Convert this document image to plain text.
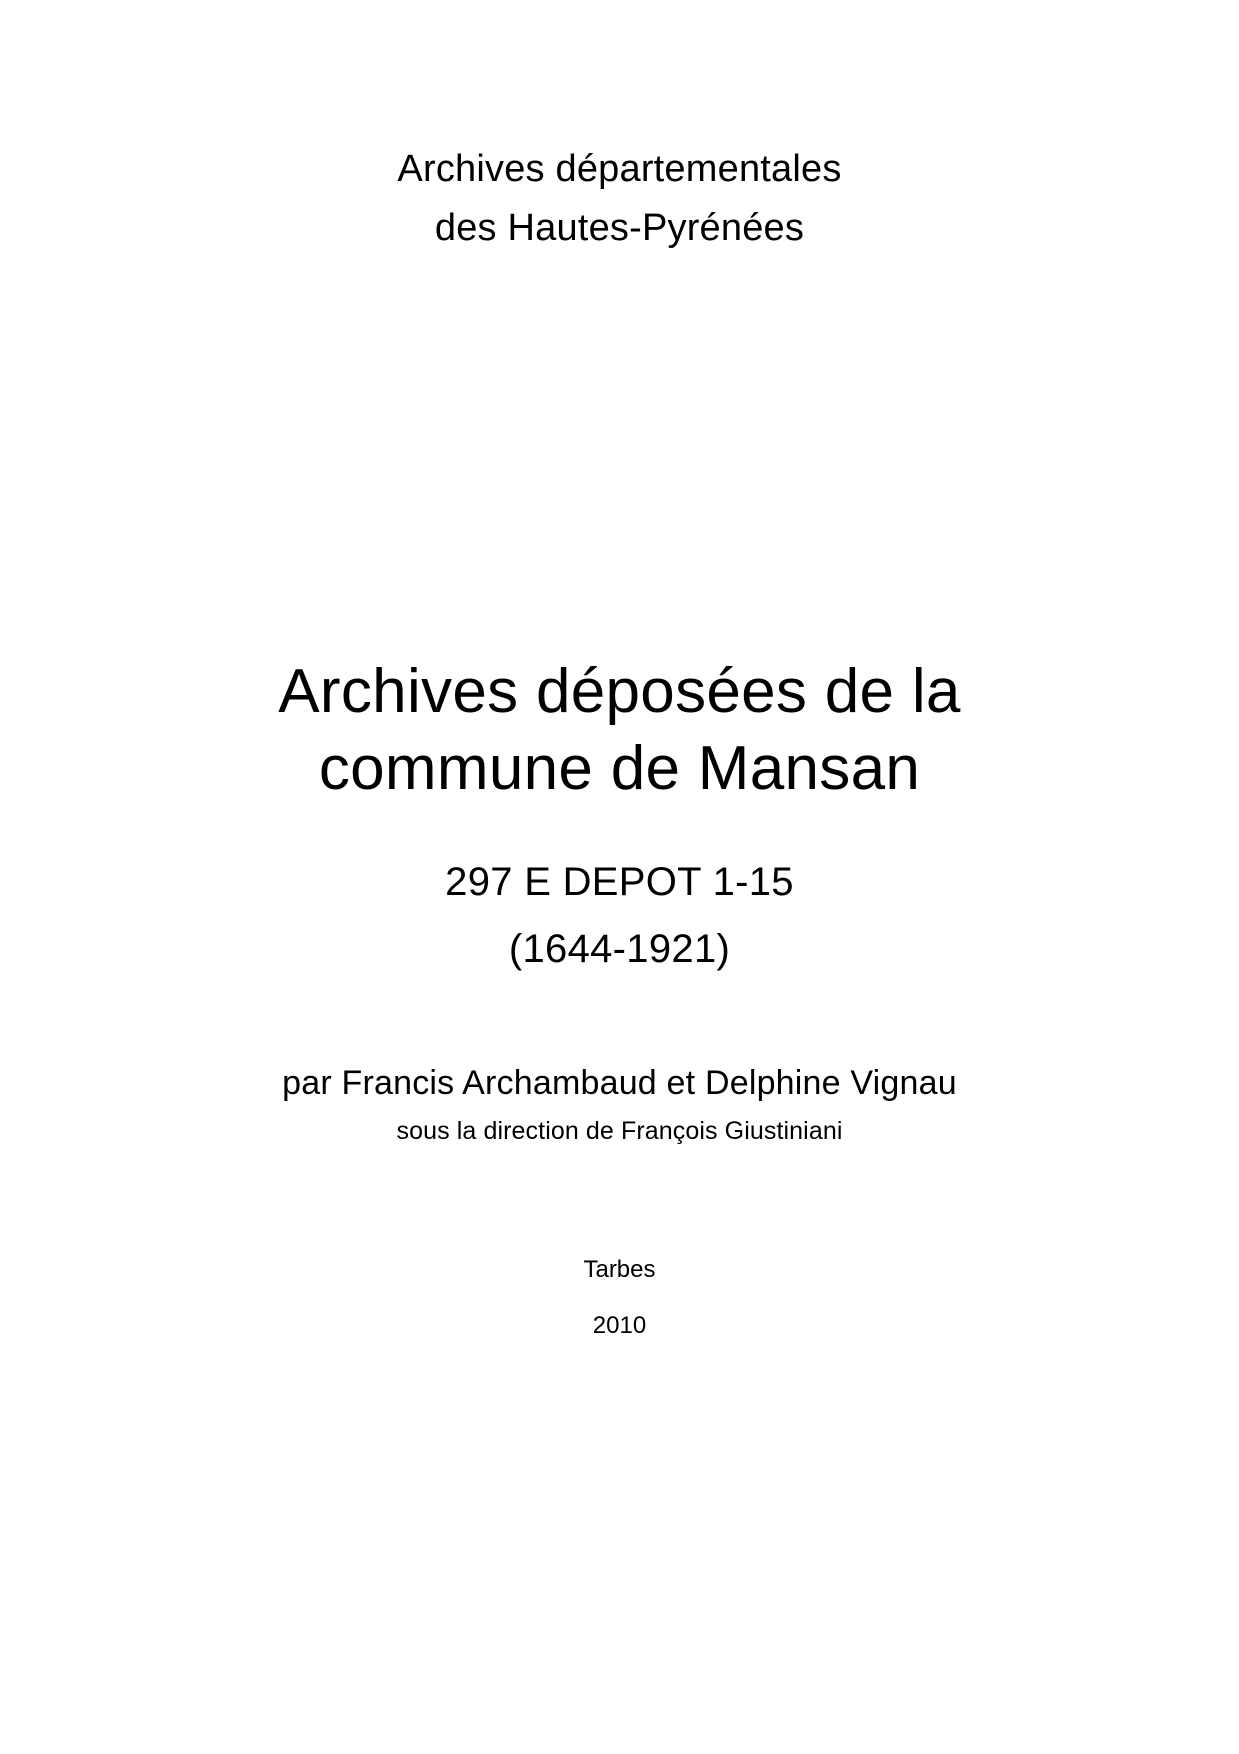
Archives départementales
des Hautes-Pyrénées
Archives déposées de la commune de Mansan
297 E DEPOT 1-15
(1644-1921)
par Francis Archambaud et Delphine Vignau
sous la direction de François Giustiniani
Tarbes
2010
